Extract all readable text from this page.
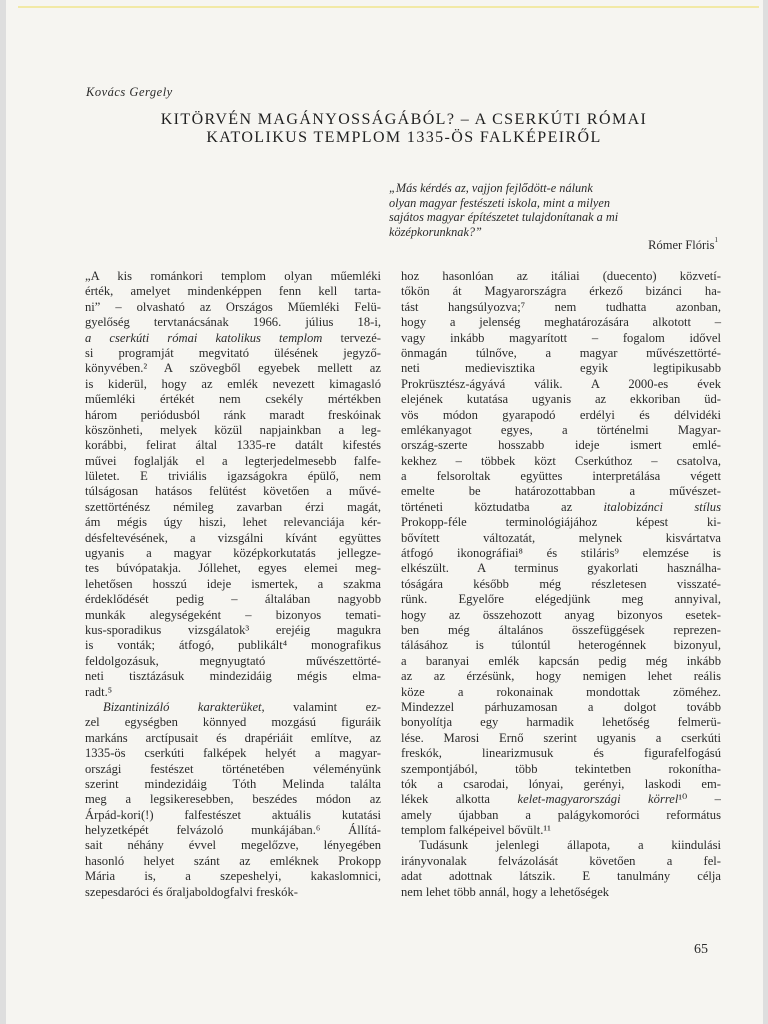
Kovács Gergely
KITÖRVÉN MAGÁNYOSSÁGÁBÓL? – A CSERKÚTI RÓMAI
KATOLIKUS TEMPLOM 1335-ÖS FALKÉPEIRŐL
„Más kérdés az, vajjon fejlődött-e nálunk
olyan magyar festészeti iskola, mint a milyen
sajátos magyar építészetet tulajdonítanak a mi
középkorunknak?”
Rómer Flóris$^1$
„A kis románkori templom olyan műemléki
érték, amelyet mindenképpen fenn kell tarta-
ni” – olvasható az Országos Műemléki Felü-
gyelőség tervtanácsának 1966. július 18-i,
a cserkúti római katolikus templom tervezé-
si programját megvitató ülésének jegyző-
könyvében.² A szövegből egyebek mellett az
is kiderül, hogy az emlék nevezett kimagasló
műemléki értékét nem csekély mértékben
három periódusból ránk maradt freskóinak
köszönheti, melyek közül napjainkban a leg-
korábbi, felirat által 1335-re datált kifestés
művei foglalják el a legterjedelmesebb falfe-
lületet. E triviális igazságokra épülő, nem
túlságosan hatásos felütést követően a művé-
szettörténész némileg zavarban érzi magát,
ám mégis úgy hiszi, lehet relevanciája kér-
désfeltevésének, a vizsgálni kívánt együttes
ugyanis a magyar középkorkutatás jellegze-
tes búvópatakja. Jóllehet, egyes elemei meg-
lehetősen hosszú ideje ismertek, a szakma
érdeklődését pedig – általában nagyobb
munkák alegységeként – bizonyos temati-
kus-sporadikus vizsgálatok³ erejéig magukra
is vonták; átfogó, publikált⁴ monografikus
feldolgozásuk, megnyugtató művészettörté-
neti tisztázásuk mindezidáig mégis elma-
radt.⁵
Bizantinizáló karakterüket, valamint ez-
zel egységben könnyed mozgású figuráik
markáns arctípusait és drapériáit említve, az
1335-ös cserkúti falképek helyét a magyar-
országi festészet történetében véleményünk
szerint mindezidáig Tóth Melinda találta
meg a legsikeresebben, beszédes módon az
Árpád-kori(!) falfestészet aktuális kutatási
helyzetképét felvázoló munkájában.⁶ Állítá-
sait néhány évvel megelőzve, lényegében
hasonló helyet szánt az emléknek Prokopp
Mária is, a szepeshelyi, kakaslomnici,
szepesdaróci és őraljaboldogfalvi freskók-
hoz hasonlóan az itáliai (duecento) közvetí-
tőkön át Magyarországra érkező bizánci ha-
tást hangsúlyozva;⁷ nem tudhatta azonban,
hogy a jelenség meghatározására alkotott –
vagy inkább magyarított – fogalom idővel
önmagán túlnőve, a magyar művészettörté-
neti medievisztika egyik legtipikusabb
Prokrüsztész-ágyává válik. A 2000-es évek
elejének kutatása ugyanis az ekkoriban üd-
vös módon gyarapodó erdélyi és délvidéki
emlékanyagot egyes, a történelmi Magyar-
ország-szerte hosszabb ideje ismert emlé-
kekhez – többek közt Cserkúthoz – csatolva,
a felsoroltak együttes interpretálása végett
emelte be határozottabban a művészet-
történeti köztudatba az italobizánci stílus
Prokopp-féle terminológiájához képest ki-
bővített változatát, melynek kisvártatva
átfogó ikonográfiai⁸ és stiláris⁹ elemzése is
elkészült. A terminus gyakorlati használha-
tóságára később még részletesen visszaté-
rünk. Egyelőre elégedjünk meg annyival,
hogy az összehozott anyag bizonyos esetek-
ben még általános összefüggések reprezen-
tálásához is túlontúl heterogénnek bizonyul,
a baranyai emlék kapcsán pedig még inkább
az az érzésünk, hogy nemigen lehet reális
köze a rokonainak mondottak zöméhez.
Mindezzel párhuzamosan a dolgot tovább
bonyolítja egy harmadik lehetőség felmerü-
lése. Marosi Ernő szerint ugyanis a cserkúti
freskók, linearizmusuk és figurafelfogású
szempontjából, több tekintetben rokonítha-
tók a csarodai, lónyai, gerényi, laskodi em-
lékek alkotta kelet-magyarországi körrel¹⁰ –
amely újabban a palágykomoróci református
templom falképeivel bővült.¹¹
Tudásunk jelenlegi állapota, a kiindulási
irányvonalak felvázolását követően a fel-
adat adottnak látszik. E tanulmány célja
nem lehet több annál, hogy a lehetőségek
65
